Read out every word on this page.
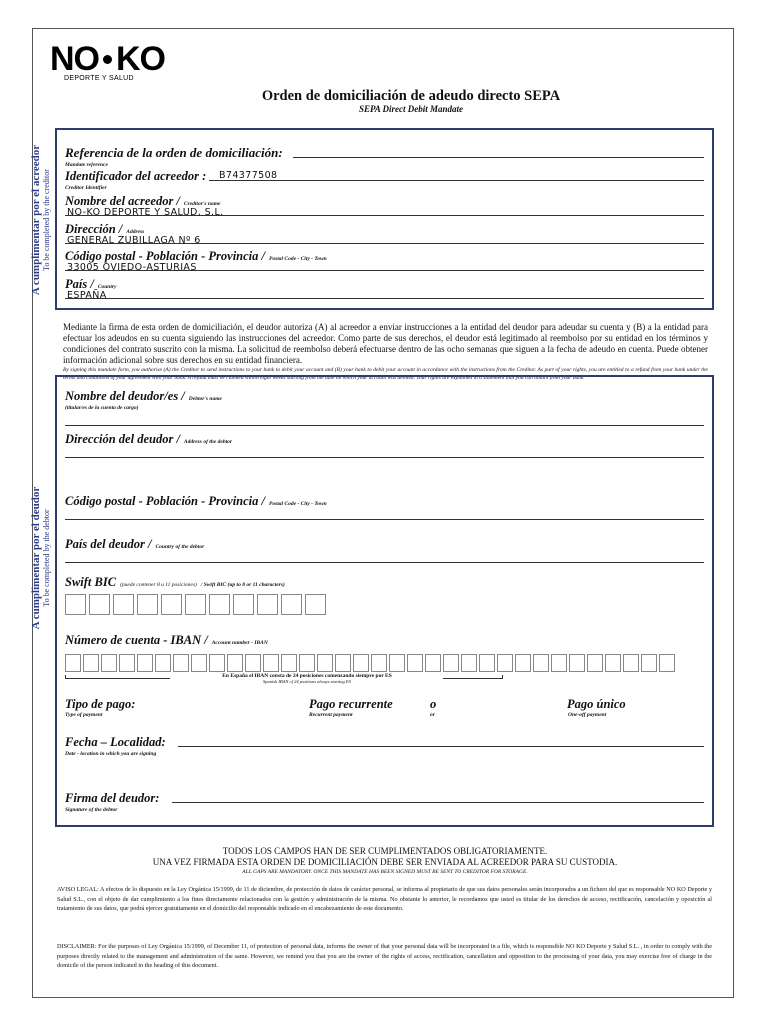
NO KO
DEPORTE Y SALUD
Orden de domiciliación de adeudo directo SEPA
SEPA Direct Debit Mandate
A cumplimentar por el acreedor To be completed by the creditor
Referencia de la orden de domiciliación:
Mandate reference
Identificador del acreedor : B74377508
Creditor Identifier
Nombre del acreedor / Creditor's name
NO-KO DEPORTE Y SALUD, S.L.
Dirección / Address
GENERAL ZUBILLAGA Nº 6
Código postal - Población - Provincia / Postal Code - City - Town
33005 OVIEDO-ASTURIAS
País / Country
ESPAÑA
Mediante la firma de esta orden de domiciliación, el deudor autoriza (A) al acreedor a enviar instrucciones a la entidad del deudor para adeudar su cuenta y (B) a la entidad para efectuar los adeudos en su cuenta siguiendo las instrucciones del acreedor. Como parte de sus derechos, el deudor está legitimado al reembolso por su entidad en los términos y condiciones del contrato suscrito con la misma. La solicitud de reembolso deberá efectuarse dentro de las ocho semanas que siguen a la fecha de adeudo en cuenta. Puede obtener información adicional sobre sus derechos en su entidad financiera.
By signing this mandate form, you authorise (A) the Creditor to send instructions to your bank to debit your account and (B) your bank to debit your account in accordance with the instructions from the Creditor. As part of your rights, you are entitled to a refund from your bank under the terms and conditions of your agreement with your bank. A refund must be claimed within eight weeks starting from the date on which your account was debited. Your rights are explained in a statement that you can obtain from your bank.
A cumplimentar por el deudor To be completed by the debtor
Nombre del deudor/es / Debtor's name
(titular/es de la cuenta de cargo)
Dirección del deudor / Address of the debtor
Código postal - Población - Provincia / Postal Code - City - Town
País del deudor / Country of the debtor
Swift BIC (puede contener 8 u 11 posiciones) / Swift BIC (up to 8 or 11 characters)
Número de cuenta - IBAN / Account number - IBAN
En España el IBAN consta de 24 posiciones comenzando siempre por ES
Spanish IBAN of 24 positions always starting ES
Tipo de pago:
Type of payment
Pago recurrente
Recurrent payment
o
or
Pago único
One-off payment
Fecha – Localidad:
Date - location in which you are signing
Firma del deudor:
Signature of the debtor
TODOS LOS CAMPOS HAN DE SER CUMPLIMENTADOS OBLIGATORIAMENTE.
UNA VEZ FIRMADA ESTA ORDEN DE DOMICILIACIÓN DEBE SER ENVIADA AL ACREEDOR PARA SU CUSTODIA.
ALL GAPS ARE MANDATORY. ONCE THIS MANDATE HAS BEEN SIGNED MUST BE SENT TO CREDITOR FOR STORAGE.
AVISO LEGAL: A efectos de lo dispuesto en la Ley Orgánica 15/1999, de 11 de diciembre, de protección de datos de carácter personal, se informa al propietario de que sus datos personales serán incorporados a un fichero del que es responsable NO KO Deporte y Salud S.L., con el objeto de dar cumplimiento a los fines directamente relacionados con la gestión y administración de la misma. No obstante lo anterior, le recordamos que usted es titular de los derechos de acceso, rectificación, cancelación y oposición al tratamiento de sus datos, que podrá ejercer gratuitamente en el domicilio del responsable indicado en el encabezamiento de este documento.
DISCLAIMER: For the purposes of Ley Orgánica 15/1999, of December 11, of protection of personal data, informs the owner of that your personal data will be incorporated in a file, which is responsible NO KO Deporte y Salud S.L. , in order to comply with the purposes directly related to the management and administration of the same. However, we remind you that you are the owner of the rights of access, rectification, cancellation and opposition to the processing of your data, you may exercise free of charge in the domicile of the person indicated in the heading of this document.
